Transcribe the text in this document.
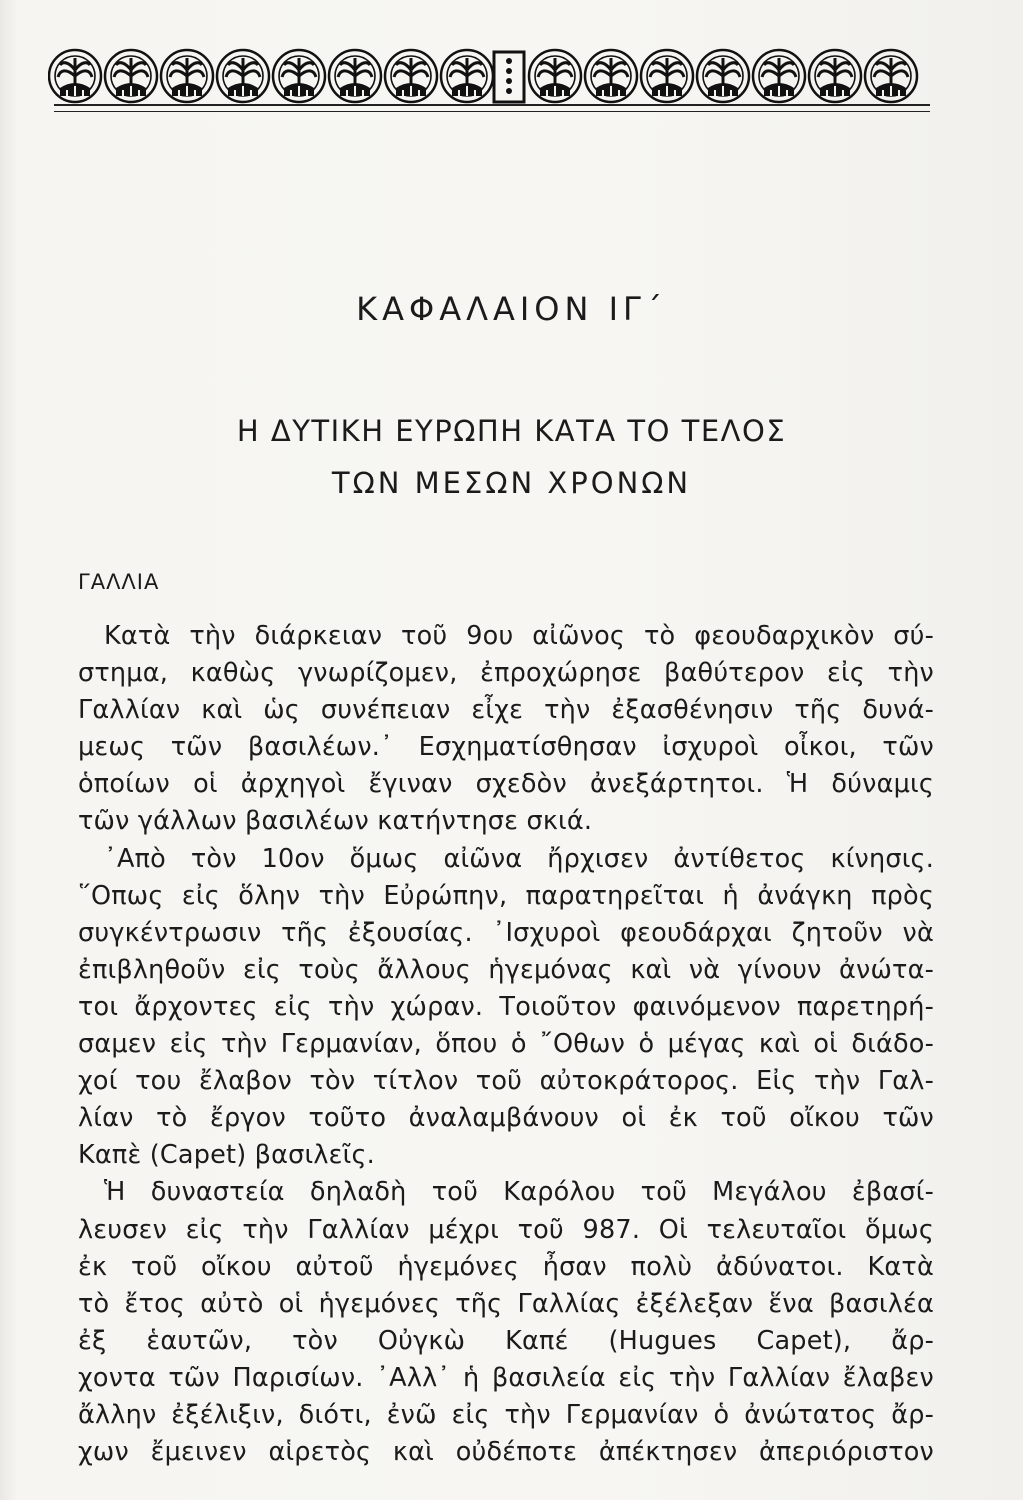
ΚΑΦΑΛΑΙΟΝ ΙΓ΄
Η ΔΥΤΙΚΗ ΕΥΡΩΠΗ ΚΑΤΑ ΤΟ ΤΕΛΟΣ
ΤΩΝ ΜΕΣΩΝ ΧΡΟΝΩΝ
ΓΑΛΛΙΑ
Κατὰ τὴν διάρκειαν τοῦ 9ου αἰῶνος τὸ φεουδαρχικὸν σύ-
στημα, καθὼς γνωρίζομεν, ἐπροχώρησε βαθύτερον εἰς τὴν
Γαλλίαν καὶ ὡς συνέπειαν εἶχε τὴν ἐξασθένησιν τῆς δυνά-
μεως τῶν βασιλέων.᾿ Εσχηματίσθησαν ἰσχυροὶ οἶκοι, τῶν
ὁποίων οἱ ἀρχηγοὶ ἔγιναν σχεδὸν ἀνεξάρτητοι. Ἡ δύναμις
τῶν γάλλων βασιλέων κατήντησε σκιά.
᾿Απὸ τὸν 10ον ὅμως αἰῶνα ἤρχισεν ἀντίθετος κίνησις.
῞Οπως εἰς ὅλην τὴν Εὐρώπην, παρατηρεῖται ἡ ἀνάγκη πρὸς
συγκέντρωσιν τῆς ἐξουσίας. ᾿Ισχυροὶ φεουδάρχαι ζητοῦν νὰ
ἐπιβληθοῦν εἰς τοὺς ἄλλους ἡγεμόνας καὶ νὰ γίνουν ἀνώτα-
τοι ἄρχοντες εἰς τὴν χώραν. Τοιοῦτον φαινόμενον παρετηρή-
σαμεν εἰς τὴν Γερμανίαν, ὅπου ὁ ῎Οθων ὁ μέγας καὶ οἱ διάδο-
χοί του ἔλαβον τὸν τίτλον τοῦ αὐτοκράτορος. Εἰς τὴν Γαλ-
λίαν τὸ ἔργον τοῦτο ἀναλαμβάνουν οἱ ἐκ τοῦ οἴκου τῶν
Καπὲ (Capet) βασιλεῖς.
Ἡ δυναστεία δηλαδὴ τοῦ Καρόλου τοῦ Μεγάλου ἐβασί-
λευσεν εἰς τὴν Γαλλίαν μέχρι τοῦ 987. Οἱ τελευταῖοι ὅμως
ἐκ τοῦ οἴκου αὐτοῦ ἡγεμόνες ἦσαν πολὺ ἀδύνατοι. Κατὰ
τὸ ἔτος αὐτὸ οἱ ἡγεμόνες τῆς Γαλλίας ἐξέλεξαν ἕνα βασιλέα
ἐξ ἑαυτῶν, τὸν Οὐγκὼ Καπέ (Hugues Capet), ἄρ-
χοντα τῶν Παρισίων. ᾿Αλλ᾿ ἡ βασιλεία εἰς τὴν Γαλλίαν ἔλαβεν
ἄλλην ἐξέλιξιν, διότι, ἐνῶ εἰς τὴν Γερμανίαν ὁ ἀνώτατος ἄρ-
χων ἔμεινεν αἱρετὸς καὶ οὐδέποτε ἀπέκτησεν ἀπεριόριστον
